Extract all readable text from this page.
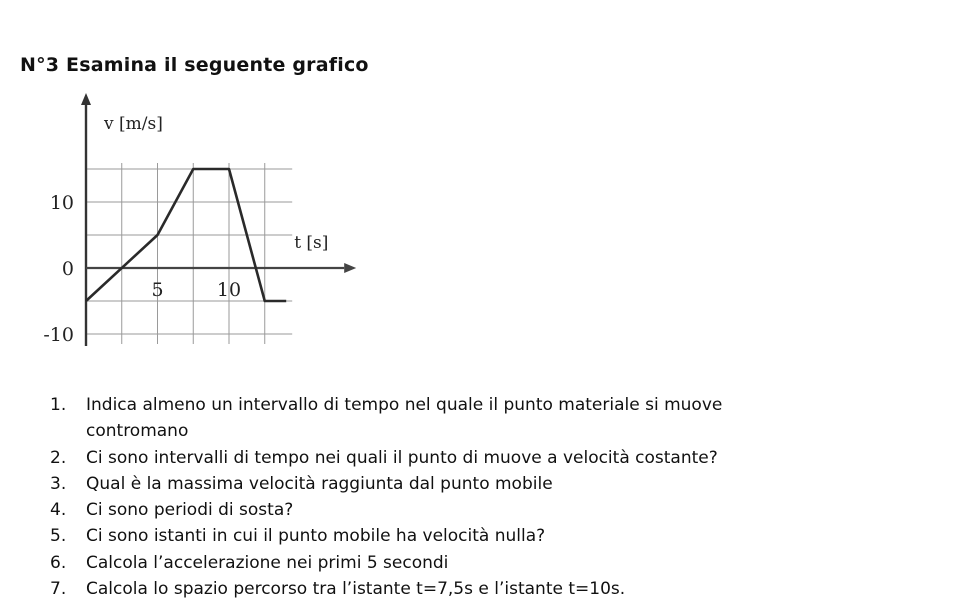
N°3 Esamina il seguente grafico
v [m/s]
t [s]
10
0
-10
5	10
1. Indica almeno un intervallo di tempo nel quale il punto materiale si muove
contromano
2. Ci sono intervalli di tempo nei quali il punto di muove a velocità costante?
3. Qual è la massima velocità raggiunta dal punto mobile
4. Ci sono periodi di sosta?
5. Ci sono istanti in cui il punto mobile ha velocità nulla?
6. Calcola l’accelerazione nei primi 5 secondi
7. Calcola lo spazio percorso tra l’istante t=7,5s e l’istante t=10s.
